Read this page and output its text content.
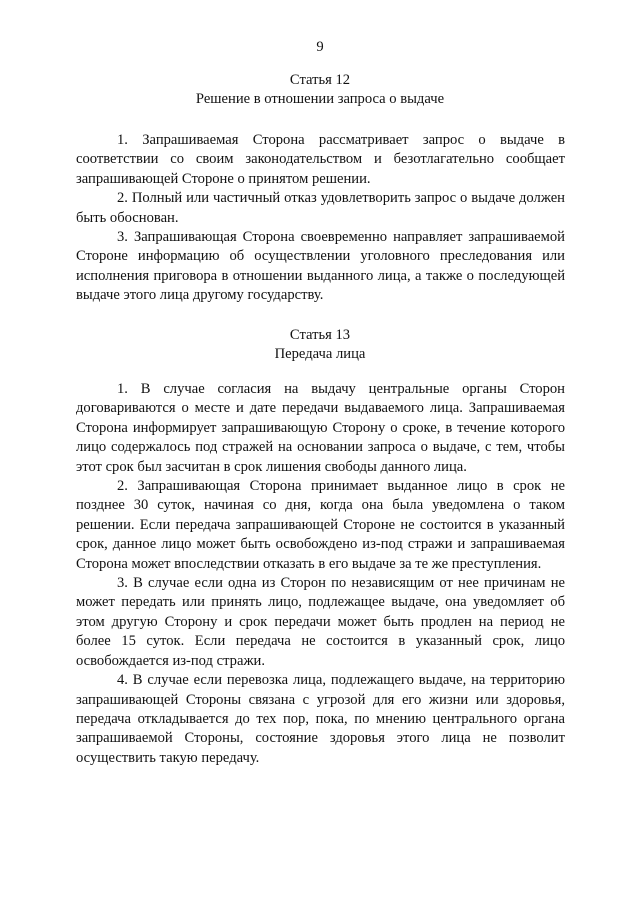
9
Статья 12
Решение в отношении запроса о выдаче

1. Запрашиваемая Сторона рассматривает запрос о выдаче в соответствии со своим законодательством и безотлагательно сообщает запрашивающей Стороне о принятом решении.

2. Полный или частичный отказ удовлетворить запрос о выдаче должен быть обоснован.

3. Запрашивающая Сторона своевременно направляет запрашиваемой Стороне информацию об осуществлении уголовного преследования или исполнения приговора в отношении выданного лица, а также о последующей выдаче этого лица другому государству.

Статья 13
Передача лица

1. В случае согласия на выдачу центральные органы Сторон договариваются о месте и дате передачи выдаваемого лица. Запрашиваемая Сторона информирует запрашивающую Сторону о сроке, в течение которого лицо содержалось под стражей на основании запроса о выдаче, с тем, чтобы этот срок был засчитан в срок лишения свободы данного лица.

2. Запрашивающая Сторона принимает выданное лицо в срок не позднее 30 суток, начиная со дня, когда она была уведомлена о таком решении. Если передача запрашивающей Стороне не состоится в указанный срок, данное лицо может быть освобождено из-под стражи и запрашиваемая Сторона может впоследствии отказать в его выдаче за те же преступления.

3. В случае если одна из Сторон по независящим от нее причинам не может передать или принять лицо, подлежащее выдаче, она уведомляет об этом другую Сторону и срок передачи может быть продлен на период не более 15 суток. Если передача не состоится в указанный срок, лицо освобождается из-под стражи.

4. В случае если перевозка лица, подлежащего выдаче, на территорию запрашивающей Стороны связана с угрозой для его жизни или здоровья, передача откладывается до тех пор, пока, по мнению центрального органа запрашиваемой Стороны, состояние здоровья этого лица не позволит осуществить такую передачу.
